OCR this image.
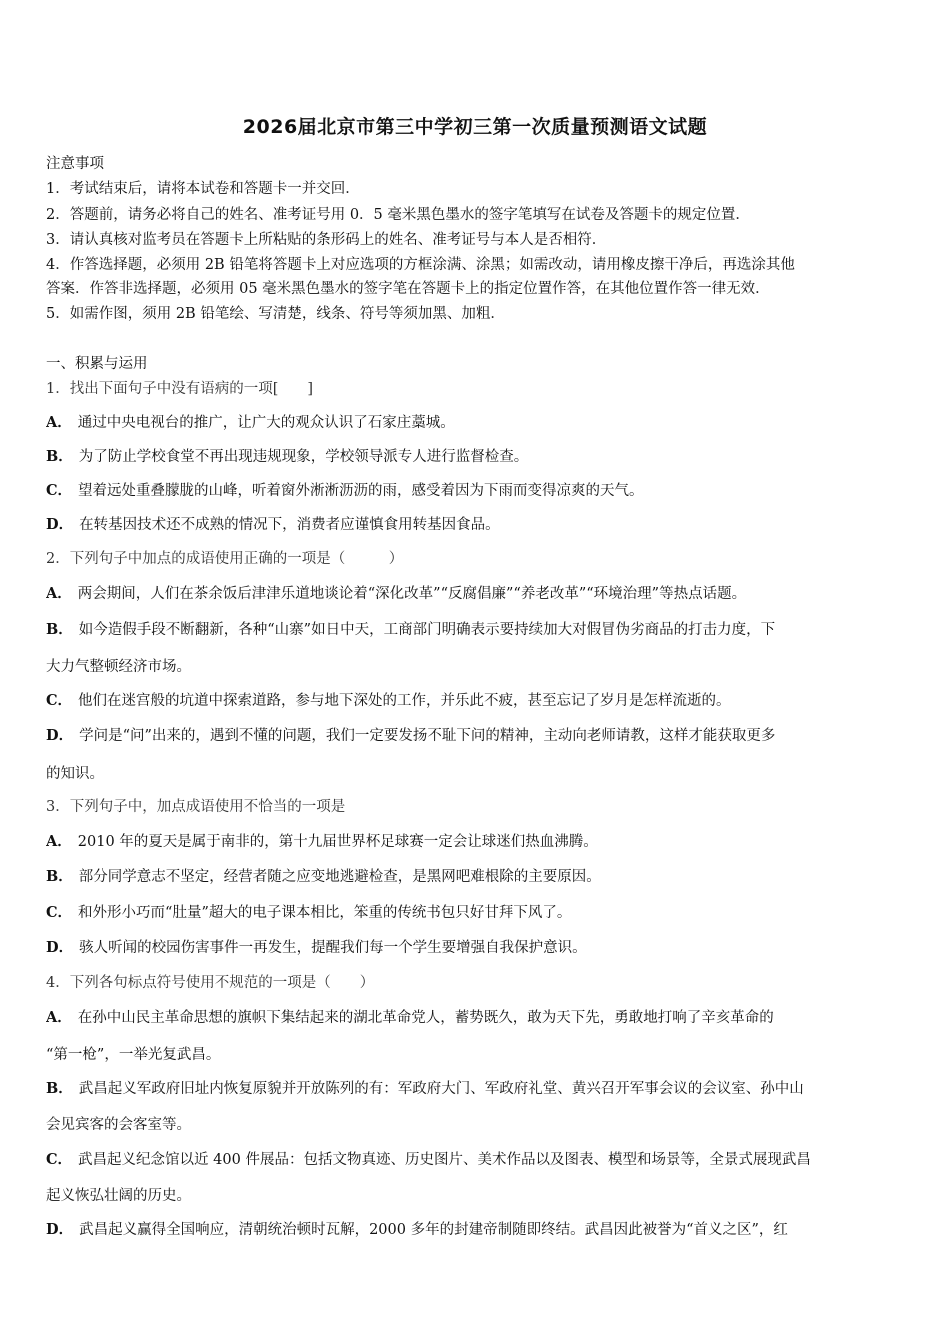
2026届北京市第三中学初三第一次质量预测语文试题
注意事项
1．考试结束后，请将本试卷和答题卡一并交回．
2．答题前，请务必将自己的姓名、准考证号用 0．5 毫米黑色墨水的签字笔填写在试卷及答题卡的规定位置．
3．请认真核对监考员在答题卡上所粘贴的条形码上的姓名、准考证号与本人是否相符．
4．作答选择题，必须用 2B 铅笔将答题卡上对应选项的方框涂满、涂黑；如需改动，请用橡皮擦干净后，再选涂其他
答案．作答非选择题，必须用 05 毫米黑色墨水的签字笔在答题卡上的指定位置作答，在其他位置作答一律无效．
5．如需作图，须用 2B 铅笔绘、写清楚，线条、符号等须加黑、加粗．
一、积累与运用
1．找出下面句子中没有语病的一项[　　]
A． 通过中央电视台的推广，让广大的观众认识了石家庄藁城。
B． 为了防止学校食堂不再出现违规现象，学校领导派专人进行监督检查。
C． 望着远处重叠朦胧的山峰，听着窗外淅淅沥沥的雨，感受着因为下雨而变得凉爽的天气。
D． 在转基因技术还不成熟的情况下，消费者应谨慎食用转基因食品。
2．下列句子中加点的成语使用正确的一项是（　　　）
A． 两会期间，人们在茶余饭后津津乐道地谈论着“深化改革”“反腐倡廉”“养老改革”“环境治理”等热点话题。
B． 如今造假手段不断翻新，各种“山寨”如日中天，工商部门明确表示要持续加大对假冒伪劣商品的打击力度，下
大力气整顿经济市场。
C． 他们在迷宫般的坑道中探索道路，参与地下深处的工作，并乐此不疲，甚至忘记了岁月是怎样流逝的。
D． 学问是“问”出来的，遇到不懂的问题，我们一定要发扬不耻下问的精神，主动向老师请教，这样才能获取更多
的知识。
3．下列句子中，加点成语使用不恰当的一项是
A． 2010 年的夏天是属于南非的，第十九届世界杯足球赛一定会让球迷们热血沸腾。
B． 部分同学意志不坚定，经营者随之应变地逃避检查，是黑网吧难根除的主要原因。
C． 和外形小巧而“肚量”超大的电子课本相比，笨重的传统书包只好甘拜下风了。
D． 骇人听闻的校园伤害事件一再发生，提醒我们每一个学生要增强自我保护意识。
4．下列各句标点符号使用不规范的一项是（　　）
A． 在孙中山民主革命思想的旗帜下集结起来的湖北革命党人，蓄势既久，敢为天下先，勇敢地打响了辛亥革命的
“第一枪”，一举光复武昌。
B． 武昌起义军政府旧址内恢复原貌并开放陈列的有：军政府大门、军政府礼堂、黄兴召开军事会议的会议室、孙中山
会见宾客的会客室等。
C． 武昌起义纪念馆以近 400 件展品：包括文物真迹、历史图片、美术作品以及图表、模型和场景等，全景式展现武昌
起义恢弘壮阔的历史。
D． 武昌起义赢得全国响应，清朝统治顿时瓦解，2000 多年的封建帝制随即终结。武昌因此被誉为“首义之区”，红
